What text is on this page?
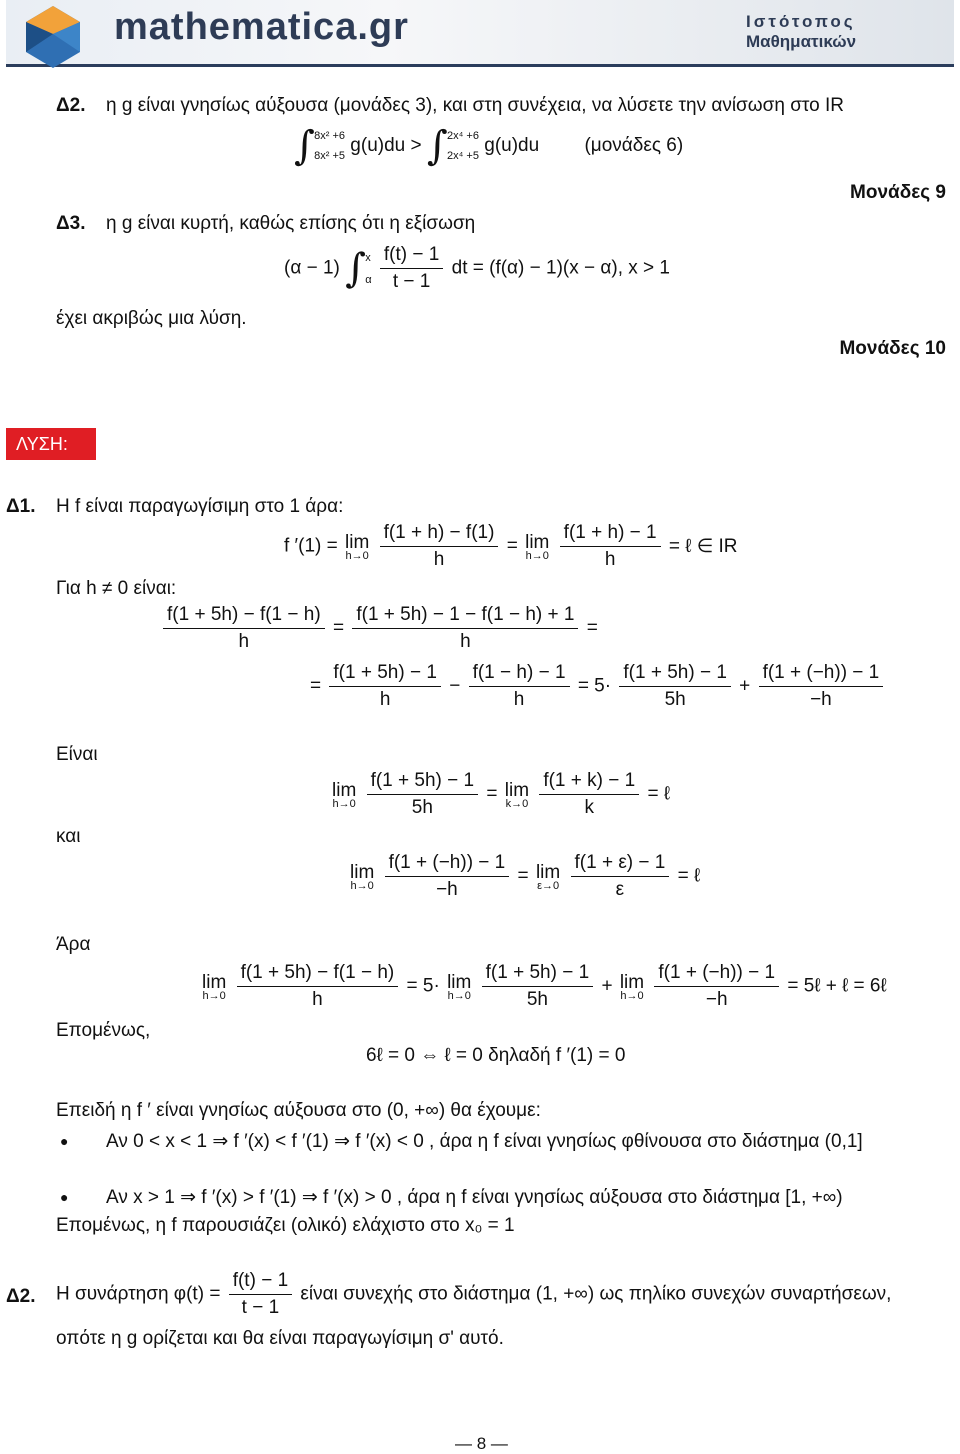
mathematica.gr	Ιστότοπος
Μαθηματικών
Δ2. η g είναι γνησίως αύξουσα (μονάδες 3), και στη συνέχεια, να λύσετε την ανίσωση στο IR
∫ 8x² +6
8x² +5 g(u)du > ∫ 2x⁴ +6
2x⁴ +5 g(u)du (μονάδες 6)
Μονάδες 9
Δ3. η g είναι κυρτή, καθώς επίσης ότι η εξίσωση
(α − 1) ∫ x
α
$\frac{f(t) - 1}{t - 1}$ dt = (f(α) − 1)(x − α), x > 1
έχει ακριβώς μια λύση.
Μονάδες 10
ΛΥΣΗ:
Δ1. Η f είναι παραγωγίσιμη στο 1 άρα:
f ′(1) = lim
h→0
$\frac{f(1 + h) - f(1)}{h} = \lim$
h→0
$\frac{f(1 + h) - 1}{h}$ = ℓ ∈ IR
Για h ≠ 0 είναι:
$\frac{f(1 + 5h) - f(1 - h)}{h} = \frac{f(1 + 5h) - 1 - f(1 - h) + 1}{h}$ =
= $\frac{f(1 + 5h) - 1}{h} - \frac{f(1 - h) - 1}{h} = 5\cdot \frac{f(1 + 5h) - 1}{5h} + \frac{f(1 + (-h)) - 1}{-h}$
Είναι
lim
h→0
$\frac{f(1 + 5h) - 1}{5h} = \lim$
k→0
$\frac{f(1 + k) - 1}{k}$ = ℓ
και
lim
h→0
$\frac{f(1 + (-h)) - 1}{-h} = \lim$
ε→0
$\frac{f(1 + \varepsilon) - 1}{\varepsilon}$ = ℓ
Άρα
lim
h→0
$\frac{f(1 + 5h) - f(1 - h)}{h} = 5\cdot \lim$
h→0
$\frac{f(1 + 5h) - 1}{5h} + \lim$
h→0
$\frac{f(1 + (-h)) - 1}{-h}$ = 5ℓ + ℓ = 6ℓ
Επομένως,
6ℓ = 0 ⇔ ℓ = 0 δηλαδή f ′(1) = 0
Επειδή η f ′ είναι γνησίως αύξουσα στο (0, +∞) θα έχουμε:
● Αν 0 < x < 1 ⇒ f ′(x) < f ′(1) ⇒ f ′(x) < 0 , άρα η f είναι γνησίως φθίνουσα στο διάστημα (0,1]
● Αν x > 1 ⇒ f ′(x) > f ′(1) ⇒ f ′(x) > 0 , άρα η f είναι γνησίως αύξουσα στο διάστημα [1, +∞)
Επομένως, η f παρουσιάζει (ολικό) ελάχιστο στο x₀ = 1
Δ2. Η συνάρτηση $\varphi(t) = \frac{f(t) - 1}{t - 1}$ είναι συνεχής στο διάστημα (1, +∞) ως πηλίκο συνεχών συναρτήσεων,
οπότε η g ορίζεται και θα είναι παραγωγίσιμη σ' αυτό.
— 8 —
